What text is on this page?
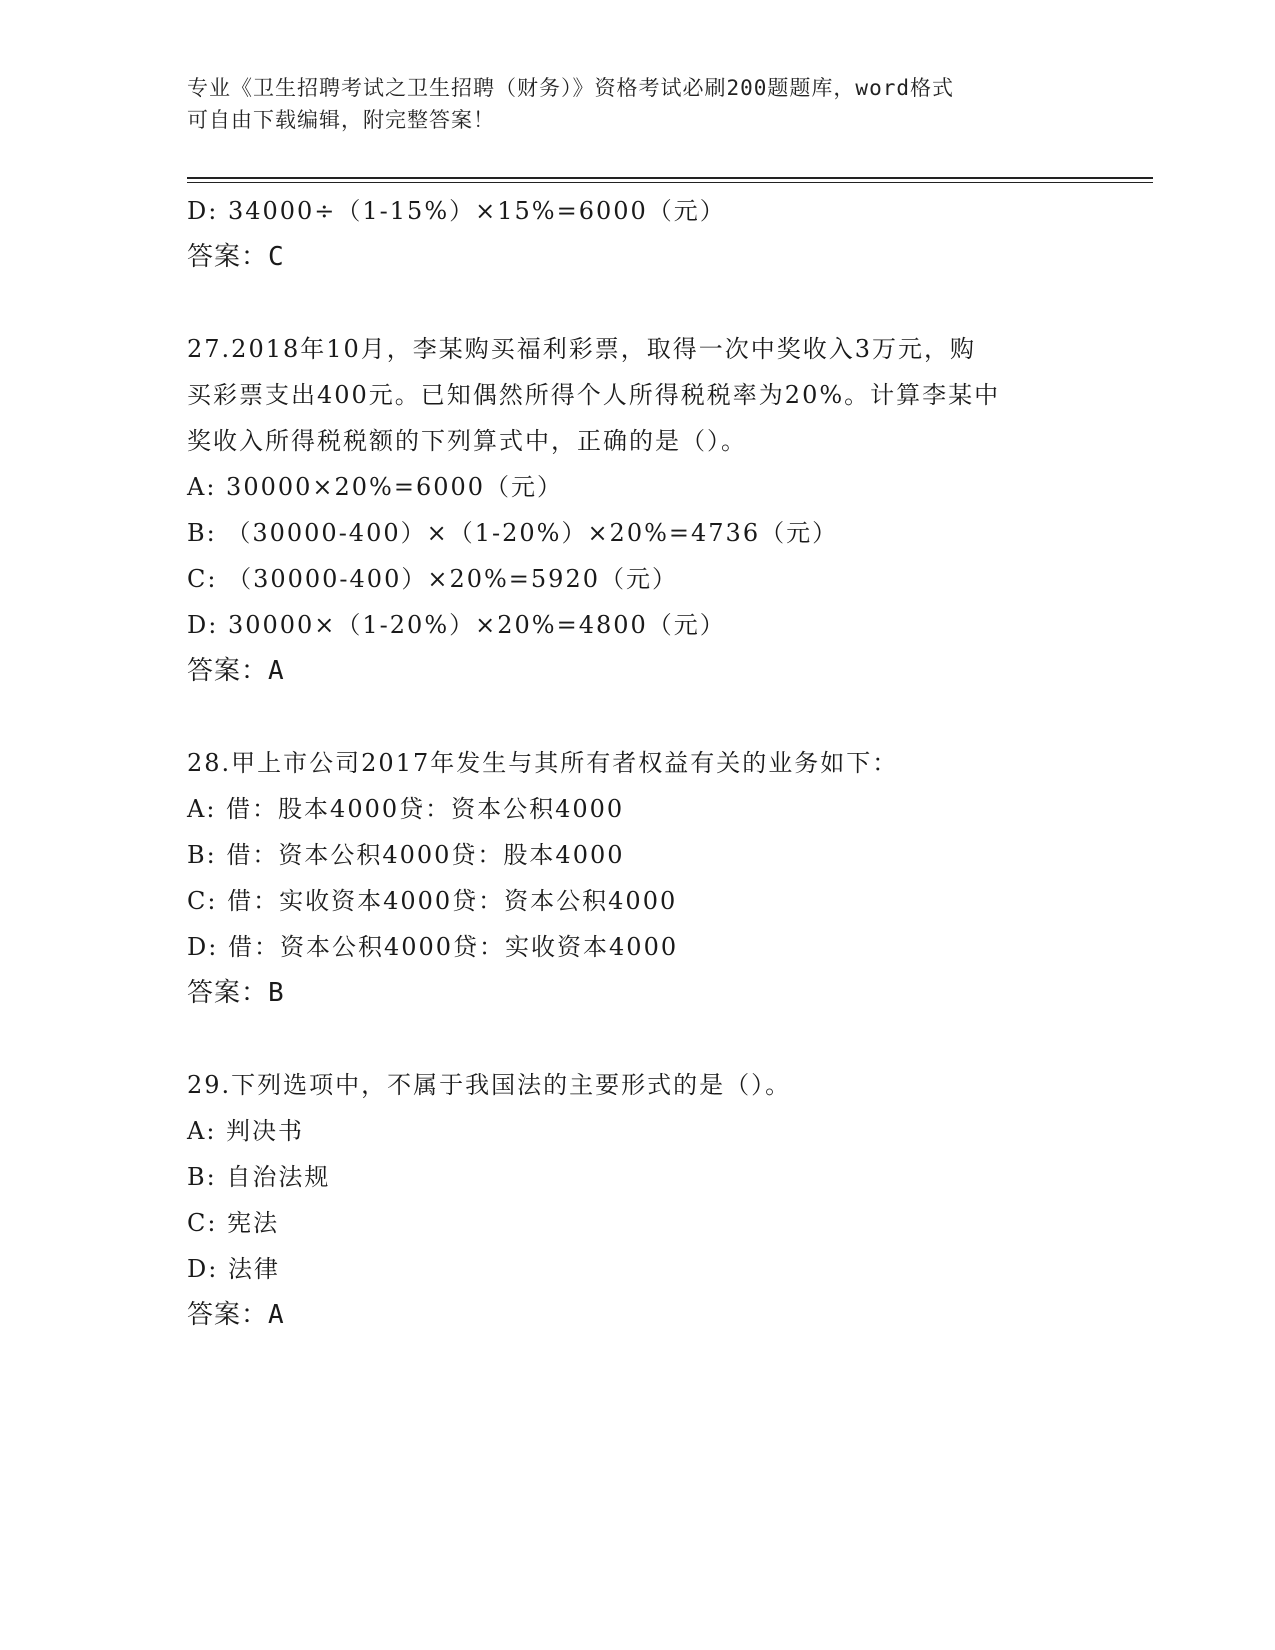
专业《卫生招聘考试之卫生招聘（财务）》资格考试必刷200题题库，word格式
可自由下载编辑，附完整答案！
D: 34000÷（1-15%）×15%=6000（元）
答案：C
27.2018年10月，李某购买福利彩票，取得一次中奖收入3万元，购
买彩票支出400元。已知偶然所得个人所得税税率为20%。计算李某中
奖收入所得税税额的下列算式中，正确的是（）。
A: 30000×20%=6000（元）
B: （30000-400）×（1-20%）×20%=4736（元）
C: （30000-400）×20%=5920（元）
D: 30000×（1-20%）×20%=4800（元）
答案：A
28.甲上市公司2017年发生与其所有者权益有关的业务如下：
A: 借：股本4000贷：资本公积4000
B: 借：资本公积4000贷：股本4000
C: 借：实收资本4000贷：资本公积4000
D: 借：资本公积4000贷：实收资本4000
答案：B
29.下列选项中，不属于我国法的主要形式的是（）。
A: 判决书
B: 自治法规
C: 宪法
D: 法律
答案：A
